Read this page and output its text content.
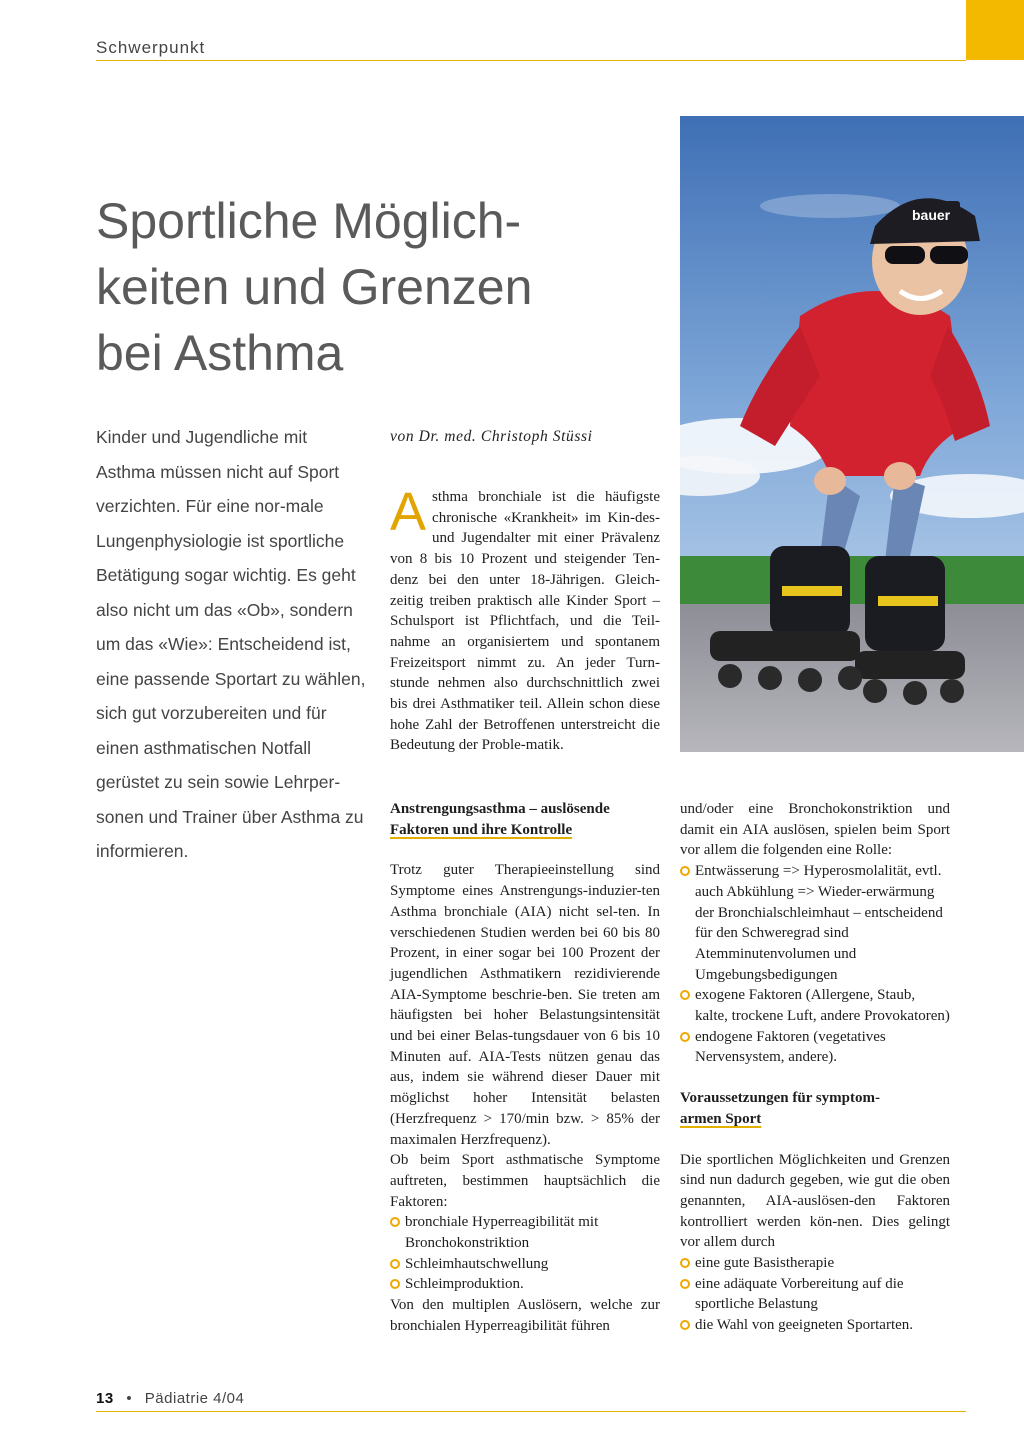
Schwerpunkt
Sportliche Möglich-
keiten und Grenzen
bei Asthma
bauer

Kinder und Jugendliche mit Asthma müssen nicht auf Sport verzichten. Für eine nor-male Lungenphysiologie ist sportliche Betätigung sogar wichtig. Es geht also nicht um das «Ob», sondern um das «Wie»: Entscheidend ist, eine passende Sportart zu wählen, sich gut vorzubereiten und für einen asthmatischen Notfall gerüstet zu sein sowie Lehrper-sonen und Trainer über Asthma zu informieren.

von Dr. med. Christoph Stüssi

Asthma bronchiale ist die häufigste chronische «Krankheit» im Kin-des- und Jugendalter mit einer Prävalenz von 8 bis 10 Prozent und steigender Ten-denz bei den unter 18-Jährigen. Gleich-zeitig treiben praktisch alle Kinder Sport – Schulsport ist Pflichtfach, und die Teil-nahme an organisiertem und spontanem Freizeitsport nimmt zu. An jeder Turn-stunde nehmen also durchschnittlich zwei bis drei Asthmatiker teil. Allein schon diese hohe Zahl der Betroffenen unterstreicht die Bedeutung der Proble-matik.

Anstrengungsasthma – auslösende
Faktoren und ihre Kontrolle

Trotz guter Therapieeinstellung sind Symptome eines Anstrengungs-induzier-ten Asthma bronchiale (AIA) nicht sel-ten. In verschiedenen Studien werden bei 60 bis 80 Prozent, in einer sogar bei 100 Prozent der jugendlichen Asthmatikern rezidivierende AIA-Symptome beschrie-ben. Sie treten am häufigsten bei hoher Belastungsintensität und bei einer Belas-tungsdauer von 6 bis 10 Minuten auf. AIA-Tests nützen genau das aus, indem sie während dieser Dauer mit möglichst hoher Intensität belasten (Herzfrequenz > 170/min bzw. > 85% der maximalen Herzfrequenz).

Ob beim Sport asthmatische Symptome auftreten, bestimmen hauptsächlich die Faktoren:

bronchiale Hyperreagibilität mit Bronchokonstriktion
Schleimhautschwellung
Schleimproduktion.

Von den multiplen Auslösern, welche zur bronchialen Hyperreagibilität führen

und/oder eine Bronchokonstriktion und damit ein AIA auslösen, spielen beim Sport vor allem die folgenden eine Rolle:

Entwässerung => Hyperosmolalität, evtl. auch Abkühlung => Wieder-erwärmung der Bronchialschleimhaut – entscheidend für den Schweregrad sind Atemminutenvolumen und Umgebungsbedigungen
exogene Faktoren (Allergene, Staub, kalte, trockene Luft, andere Provokatoren)
endogene Faktoren (vegetatives Nervensystem, andere).

Voraussetzungen für symptom-
armen Sport

Die sportlichen Möglichkeiten und Grenzen sind nun dadurch gegeben, wie gut die oben genannten, AIA-auslösen-den Faktoren kontrolliert werden kön-nen. Dies gelingt vor allem durch

eine gute Basistherapie
eine adäquate Vorbereitung auf die sportliche Belastung
die Wahl von geeigneten Sportarten.
13 • Pädiatrie 4/04
